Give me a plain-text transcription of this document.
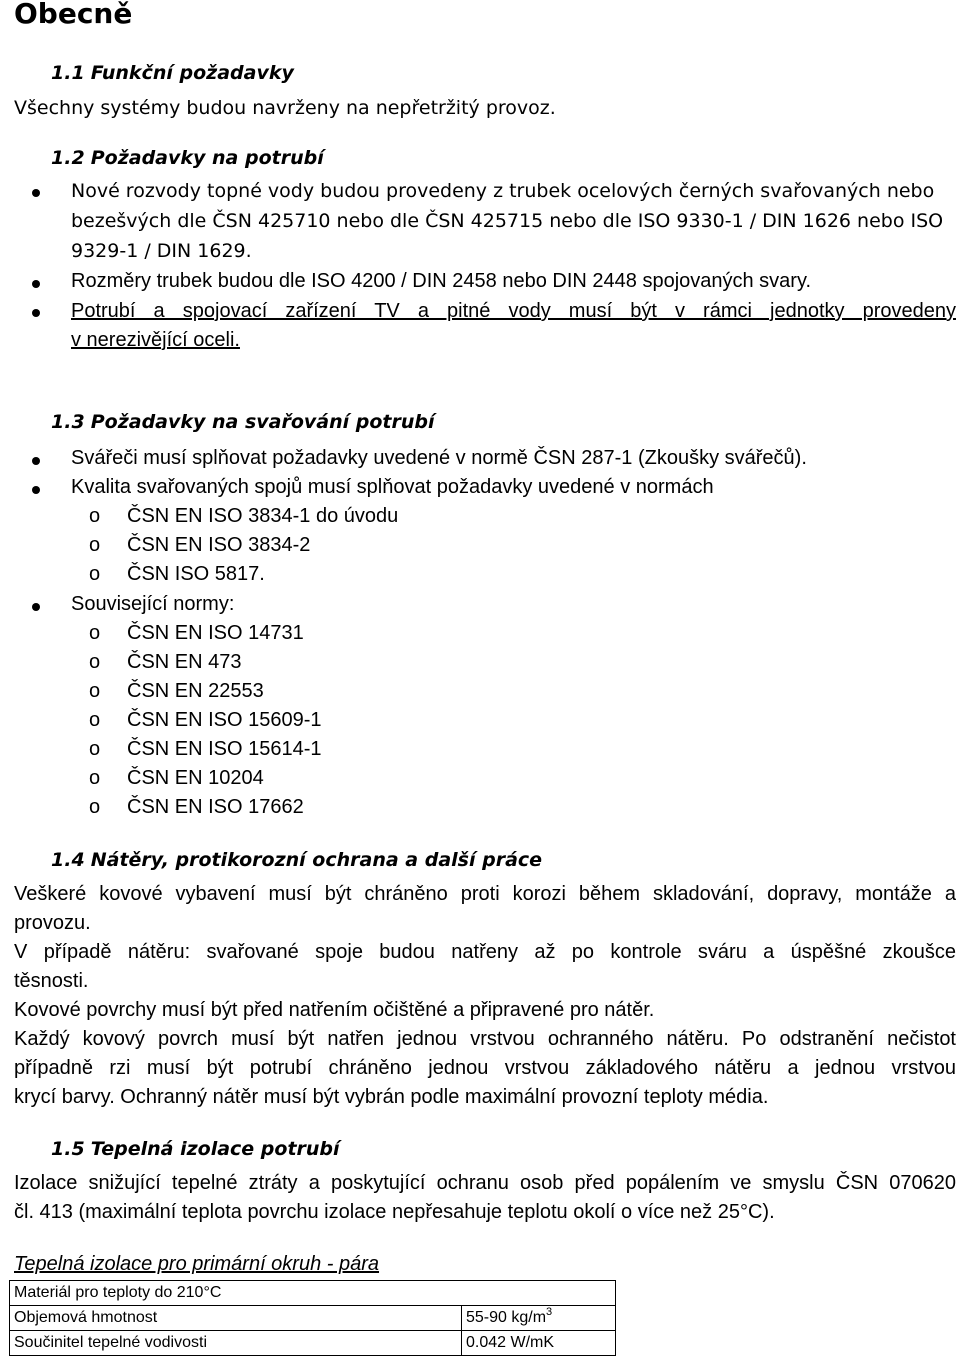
Obecně
1.1 Funkční požadavky
Všechny systémy budou navrženy na nepřetržitý provoz.
1.2 Požadavky na potrubí
Nové rozvody topné vody budou provedeny z trubek ocelových černých svařovaných nebo
bezešvých dle ČSN 425710 nebo dle ČSN 425715 nebo dle ISO 9330-1 / DIN 1626 nebo ISO
9329-1 / DIN 1629.
Rozměry trubek budou dle ISO 4200 / DIN 2458 nebo DIN 2448 spojovaných svary.
Potrubí a spojovací zařízení TV a pitné vody musí být v rámci jednotky provedeny
v nerezivějící oceli.
1.3 Požadavky na svařování potrubí
Svářeči musí splňovat požadavky uvedené v normě ČSN 287-1 (Zkoušky svářečů).
Kvalita svařovaných spojů musí splňovat požadavky uvedené v normách
o ČSN EN ISO 3834-1 do úvodu
o ČSN EN ISO 3834-2
o ČSN ISO 5817.
Související normy:
o ČSN EN ISO 14731
o ČSN EN 473
o ČSN EN 22553
o ČSN EN ISO 15609-1
o ČSN EN ISO 15614-1
o ČSN EN 10204
o ČSN EN ISO 17662
1.4 Nátěry, protikorozní ochrana a další práce
Veškeré kovové vybavení musí být chráněno proti korozi během skladování, dopravy, montáže a
provozu.
V případě nátěru: svařované spoje budou natřeny až po kontrole sváru a úspěšné zkoušce
těsnosti.
Kovové povrchy musí být před natřením očištěné a připravené pro nátěr.
Každý kovový povrch musí být natřen jednou vrstvou ochranného nátěru. Po odstranění nečistot
případně rzi musí být potrubí chráněno jednou vrstvou základového nátěru a jednou vrstvou
krycí barvy. Ochranný nátěr musí být vybrán podle maximální provozní teploty média.
1.5 Tepelná izolace potrubí
Izolace snižující tepelné ztráty a poskytující ochranu osob před popálením ve smyslu ČSN 070620
čl. 413 (maximální teplota povrchu izolace nepřesahuje teplotu okolí o více než 25°C).
Tepelná izolace pro primární okruh - pára
Materiál pro teploty do 210°C	
Objemová hmotnost	55-90 $kg/m^3$
Součinitel tepelné vodivosti	0.042 W/mK
